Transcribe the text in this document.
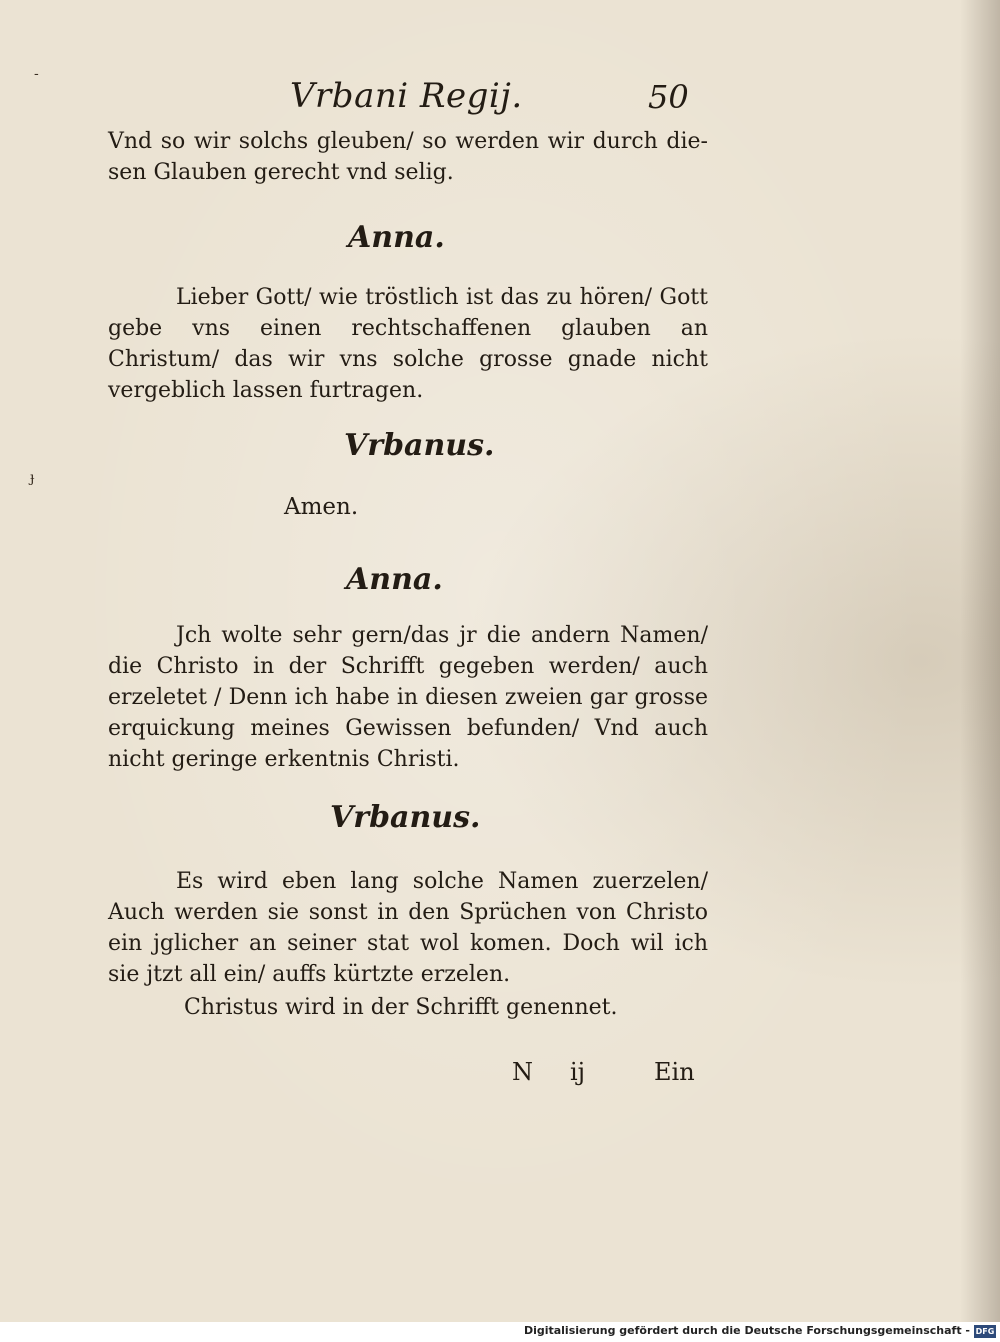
-
ɟ
Vrbani Regij.	50

Vnd so wir solchs gleuben/ so werden wir durch die-sen Glauben gerecht vnd selig.

Anna.

Lieber Gott/ wie tröstlich ist das zu hören/ Gott gebe vns einen rechtschaffenen glauben an Christum/ das wir vns solche grosse gnade nicht vergeblich lassen furtragen.

Vrbanus.
Amen.
Anna.

Jch wolte sehr gern/das jr die andern Namen/ die Christo in der Schrifft gegeben werden/ auch erzeletet / Denn ich habe in diesen zweien gar grosse erquickung meines Gewissen befunden/ Vnd auch nicht geringe erkentnis Christi.

Vrbanus.

Es wird eben lang solche Namen zuerzelen/ Auch werden sie sonst in den Sprüchen von Christo ein jglicher an seiner stat wol komen. Doch wil ich sie jtzt all ein/ auffs kürtzte erzelen.

Christus wird in der Schrifft genennet.

N ij	Ein
Digitalisierung gefördert durch die Deutsche Forschungsgemeinschaft - DFG
